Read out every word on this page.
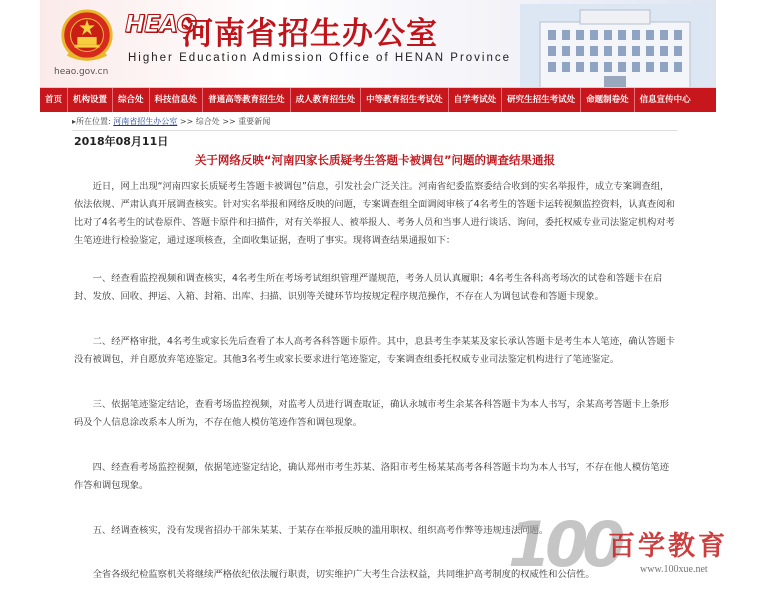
heao.gov.cn
HEAO
河南省招生办公室
Higher Education Admission Office of HENAN Province
首页	机构设置	综合处	科技信息处	普通高等教育招生处	成人教育招生处	中等教育招生考试处	自学考试处	研究生招生考试处	命题制卷处	信息宣传中心
▸所在位置: 河南省招生办公室 >> 综合处 >> 重要新闻
2018年08月11日
关于网络反映“河南四家长质疑考生答题卡被调包”问题的调查结果通报
近日，网上出现“河南四家长质疑考生答题卡被调包”信息，引发社会广泛关注。河南省纪委监察委结合收到的实名举报件，成立专案调查组，依法依规、严肃认真开展调查核实。针对实名举报和网络反映的问题，专案调查组全面调阅审核了4名考生的答题卡运转视频监控资料，认真查阅和比对了4名考生的试卷原件、答题卡原件和扫描件，对有关举报人、被举报人、考务人员和当事人进行谈话、询问，委托权威专业司法鉴定机构对考生笔迹进行检验鉴定，通过逐项核查，全面收集证据，查明了事实。现将调查结果通报如下：
一、经查看监控视频和调查核实，4名考生所在考场考试组织管理严谨规范，考务人员认真履职；4名考生各科高考场次的试卷和答题卡在启封、发放、回收、押运、入箱、封箱、出库、扫描、识别等关键环节均按规定程序规范操作，不存在人为调包试卷和答题卡现象。
二、经严格审批，4名考生或家长先后查看了本人高考各科答题卡原件。其中，息县考生李某某及家长承认答题卡是考生本人笔迹，确认答题卡没有被调包，并自愿放弃笔迹鉴定。其他3名考生或家长要求进行笔迹鉴定，专案调查组委托权威专业司法鉴定机构进行了笔迹鉴定。
三、依据笔迹鉴定结论，查看考场监控视频，对监考人员进行调查取证，确认永城市考生余某各科答题卡为本人书写，余某高考答题卡上条形码及个人信息涂改系本人所为，不存在他人模仿笔迹作答和调包现象。
四、经查看考场监控视频，依据笔迹鉴定结论，确认郑州市考生苏某、洛阳市考生杨某某高考各科答题卡均为本人书写，不存在他人模仿笔迹作答和调包现象。
五、经调查核实，没有发现省招办干部朱某某、于某存在举报反映的滥用职权、组织高考作弊等违规违法问题。
全省各级纪检监察机关将继续严格依纪依法履行职责，切实维护广大考生合法权益，共同维护高考制度的权威性和公信性。
100
百学教育
www.100xue.net
